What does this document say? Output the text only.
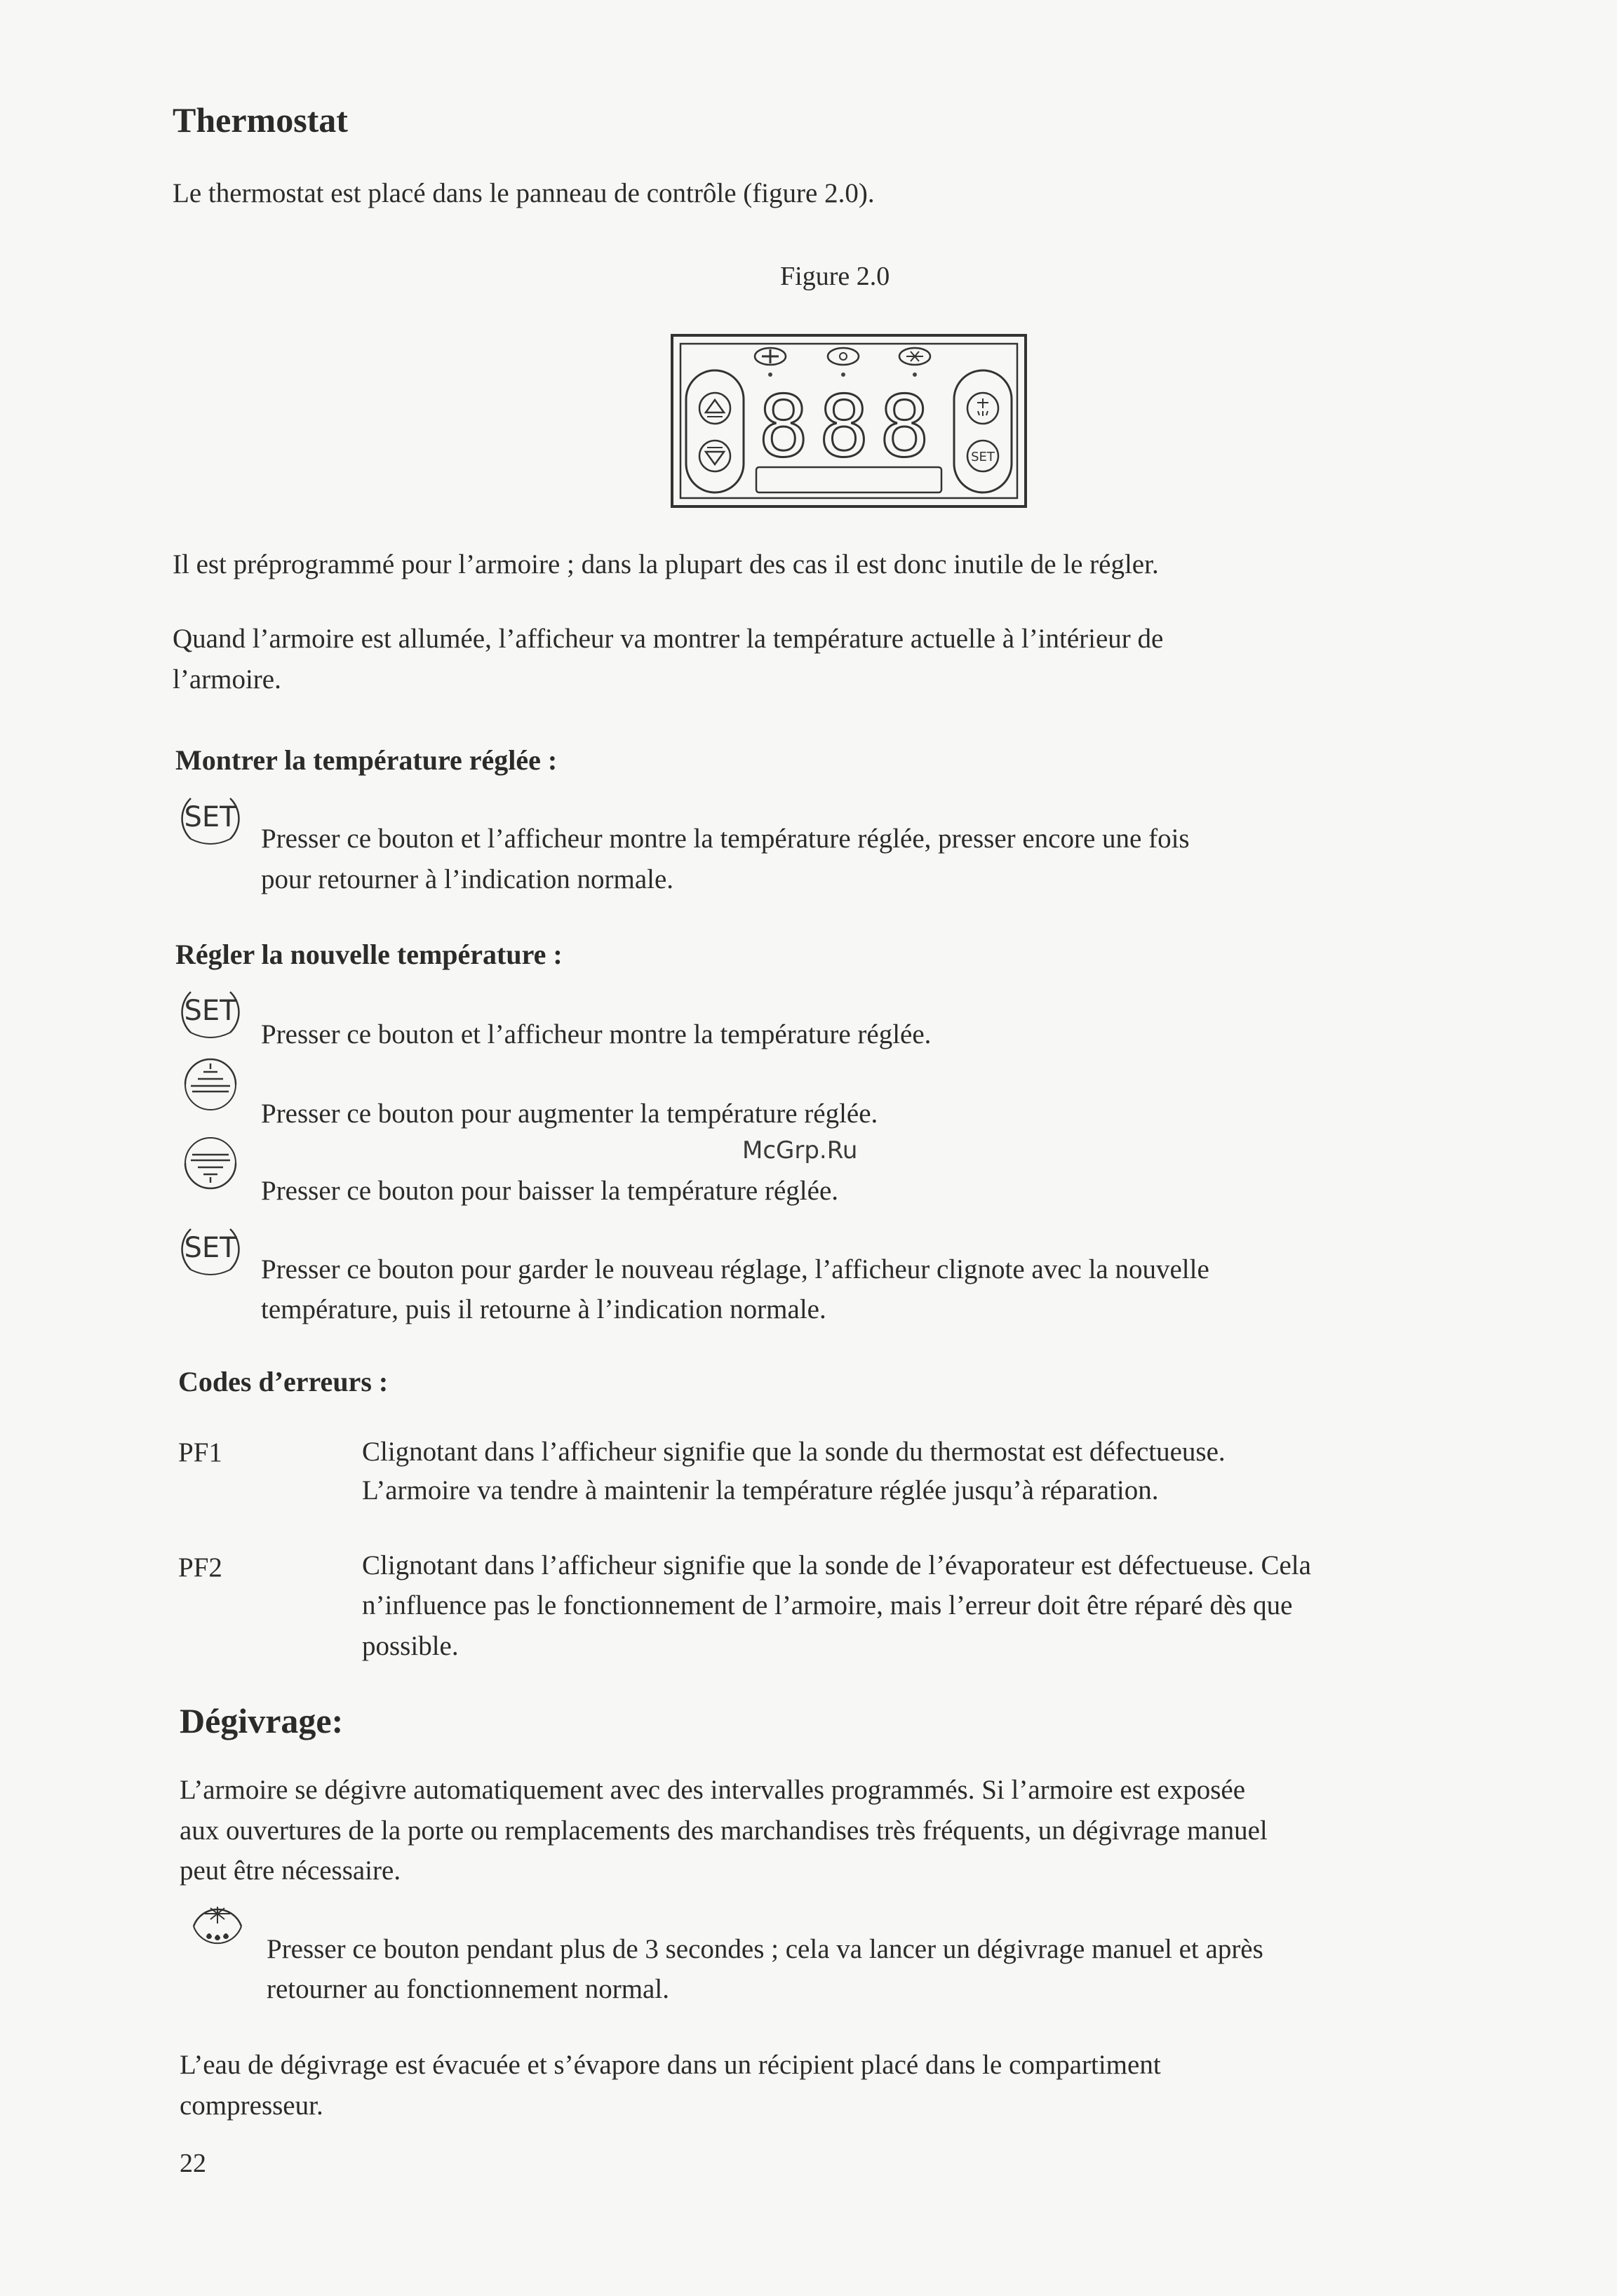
Thermostat
Le thermostat est placé dans le panneau de contrôle (figure 2.0).
Figure 2.0
SET
888
Il est préprogrammé pour l’armoire ; dans la plupart des cas il est donc inutile de le régler.
Quand l’armoire est allumée, l’afficheur va montrer la température actuelle à l’intérieur de
l’armoire.
Montrer la température réglée :
SET
Presser ce bouton et l’afficheur montre la température réglée, presser encore une fois
pour retourner à l’indication normale.
Régler la nouvelle température :
SET
Presser ce bouton et l’afficheur montre la température réglée.
Presser ce bouton pour augmenter la température réglée.
Presser ce bouton pour baisser la température réglée.
SET
Presser ce bouton pour garder le nouveau réglage, l’afficheur clignote avec la nouvelle
température, puis il retourne à l’indication normale.
McGrp.Ru
Codes d’erreurs :
PF1	Clignotant dans l’afficheur signifie que la sonde du thermostat est défectueuse.
L’armoire va tendre à maintenir la température réglée jusqu’à réparation.
PF2	Clignotant dans l’afficheur signifie que la sonde de l’évaporateur est défectueuse. Cela
n’influence pas le fonctionnement de l’armoire, mais l’erreur doit être réparé dès que
possible.
Dégivrage:
L’armoire se dégivre automatiquement avec des intervalles programmés. Si l’armoire est exposée
aux ouvertures de la porte ou remplacements des marchandises très fréquents, un dégivrage manuel
peut être nécessaire.
Presser ce bouton pendant plus de 3 secondes ; cela va lancer un dégivrage manuel et après
retourner au fonctionnement normal.
L’eau de dégivrage est évacuée et s’évapore dans un récipient placé dans le compartiment
compresseur.
22
